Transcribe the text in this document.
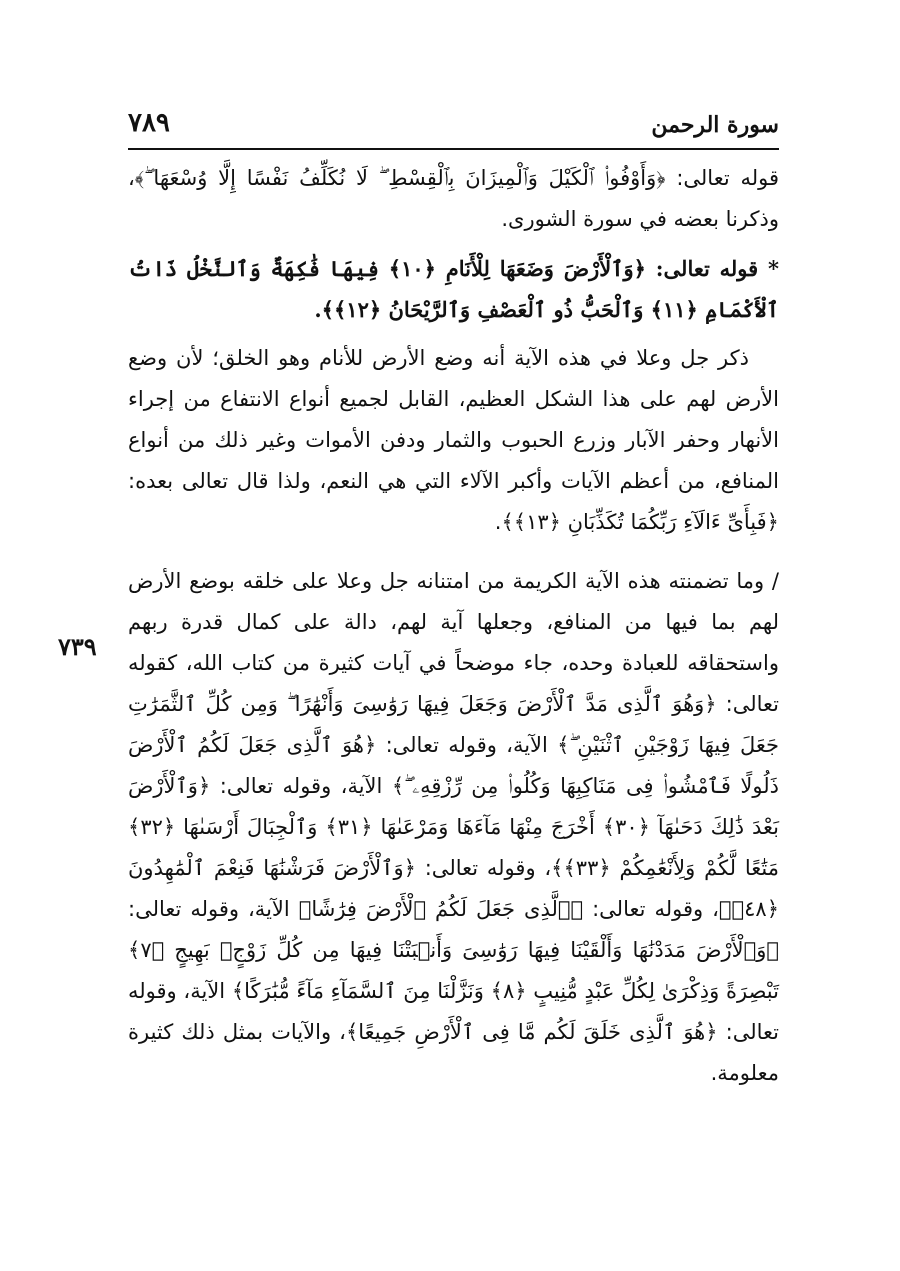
سورة الرحمن
٧٨٩

قوله تعالى: ﴿وَأَوْفُوا۟ ٱلْكَيْلَ وَٱلْمِيزَانَ بِٱلْقِسْطِ ۖ لَا نُكَلِّفُ نَفْسًا إِلَّا وُسْعَهَا ۖ﴾، وذكرنا بعضه في سورة الشورى.

* قوله تعالى: ﴿وَٱلْأَرْضَ وَضَعَهَا لِلْأَنَامِ ﴿١٠﴾ فِيهَا فَٰكِهَةٌ وَٱلنَّخْلُ ذَاتُ ٱلْأَكْمَامِ ﴿١١﴾ وَٱلْحَبُّ ذُو ٱلْعَصْفِ وَٱلرَّيْحَانُ ﴿١٢﴾﴾.

ذكر جل وعلا في هذه الآية أنه وضع الأرض للأنام وهو الخلق؛ لأن وضع الأرض لهم على هذا الشكل العظيم، القابل لجميع أنواع الانتفاع من إجراء الأنهار وحفر الآبار وزرع الحبوب والثمار ودفن الأموات وغير ذلك من أنواع المنافع، من أعظم الآيات وأكبر الآلاء التي هي النعم، ولذا قال تعالى بعده: ﴿فَبِأَىِّ ءَالَآءِ رَبِّكُمَا تُكَذِّبَانِ ﴿١٣﴾﴾.

/ وما تضمنته هذه الآية الكريمة من امتنانه جل وعلا على خلقه بوضع الأرض لهم بما فيها من المنافع، وجعلها آية لهم، دالة على كمال قدرة ربهم واستحقاقه للعبادة وحده، جاء موضحاً في آيات كثيرة من كتاب الله، كقوله تعالى: ﴿وَهُوَ ٱلَّذِى مَدَّ ٱلْأَرْضَ وَجَعَلَ فِيهَا رَوَٰسِىَ وَأَنْهَٰرًا ۖ وَمِن كُلِّ ٱلثَّمَرَٰتِ جَعَلَ فِيهَا زَوْجَيْنِ ٱثْنَيْنِ ۖ﴾ الآية، وقوله تعالى: ﴿هُوَ ٱلَّذِى جَعَلَ لَكُمُ ٱلْأَرْضَ ذَلُولًا فَٱمْشُوا۟ فِى مَنَاكِبِهَا وَكُلُوا۟ مِن رِّزْقِهِۦ ۖ﴾ الآية، وقوله تعالى: ﴿وَٱلْأَرْضَ بَعْدَ ذَٰلِكَ دَحَىٰهَآ ﴿٣٠﴾ أَخْرَجَ مِنْهَا مَآءَهَا وَمَرْعَىٰهَا ﴿٣١﴾ وَٱلْجِبَالَ أَرْسَىٰهَا ﴿٣٢﴾ مَتَٰعًا لَّكُمْ وَلِأَنْعَٰمِكُمْ ﴿٣٣﴾﴾، وقوله تعالى: ﴿وَٱلْأَرْضَ فَرَشْنَٰهَا فَنِعْمَ ٱلْمَٰهِدُونَ ﴿٤٨﴾﴾، وقوله تعالى: ﴿ٱلَّذِى جَعَلَ لَكُمُ ٱلْأَرْضَ فِرَٰشًا﴾ الآية، وقوله تعالى: ﴿وَٱلْأَرْضَ مَدَدْنَٰهَا وَأَلْقَيْنَا فِيهَا رَوَٰسِىَ وَأَنۢبَتْنَا فِيهَا مِن كُلِّ زَوْجٍۭ بَهِيجٍ ﴿٧﴾ تَبْصِرَةً وَذِكْرَىٰ لِكُلِّ عَبْدٍ مُّنِيبٍ ﴿٨﴾ وَنَزَّلْنَا مِنَ ٱلسَّمَآءِ مَآءً مُّبَٰرَكًا﴾ الآية، وقوله تعالى: ﴿هُوَ ٱلَّذِى خَلَقَ لَكُم مَّا فِى ٱلْأَرْضِ جَمِيعًا﴾، والآيات بمثل ذلك كثيرة معلومة.

٧٣٩
